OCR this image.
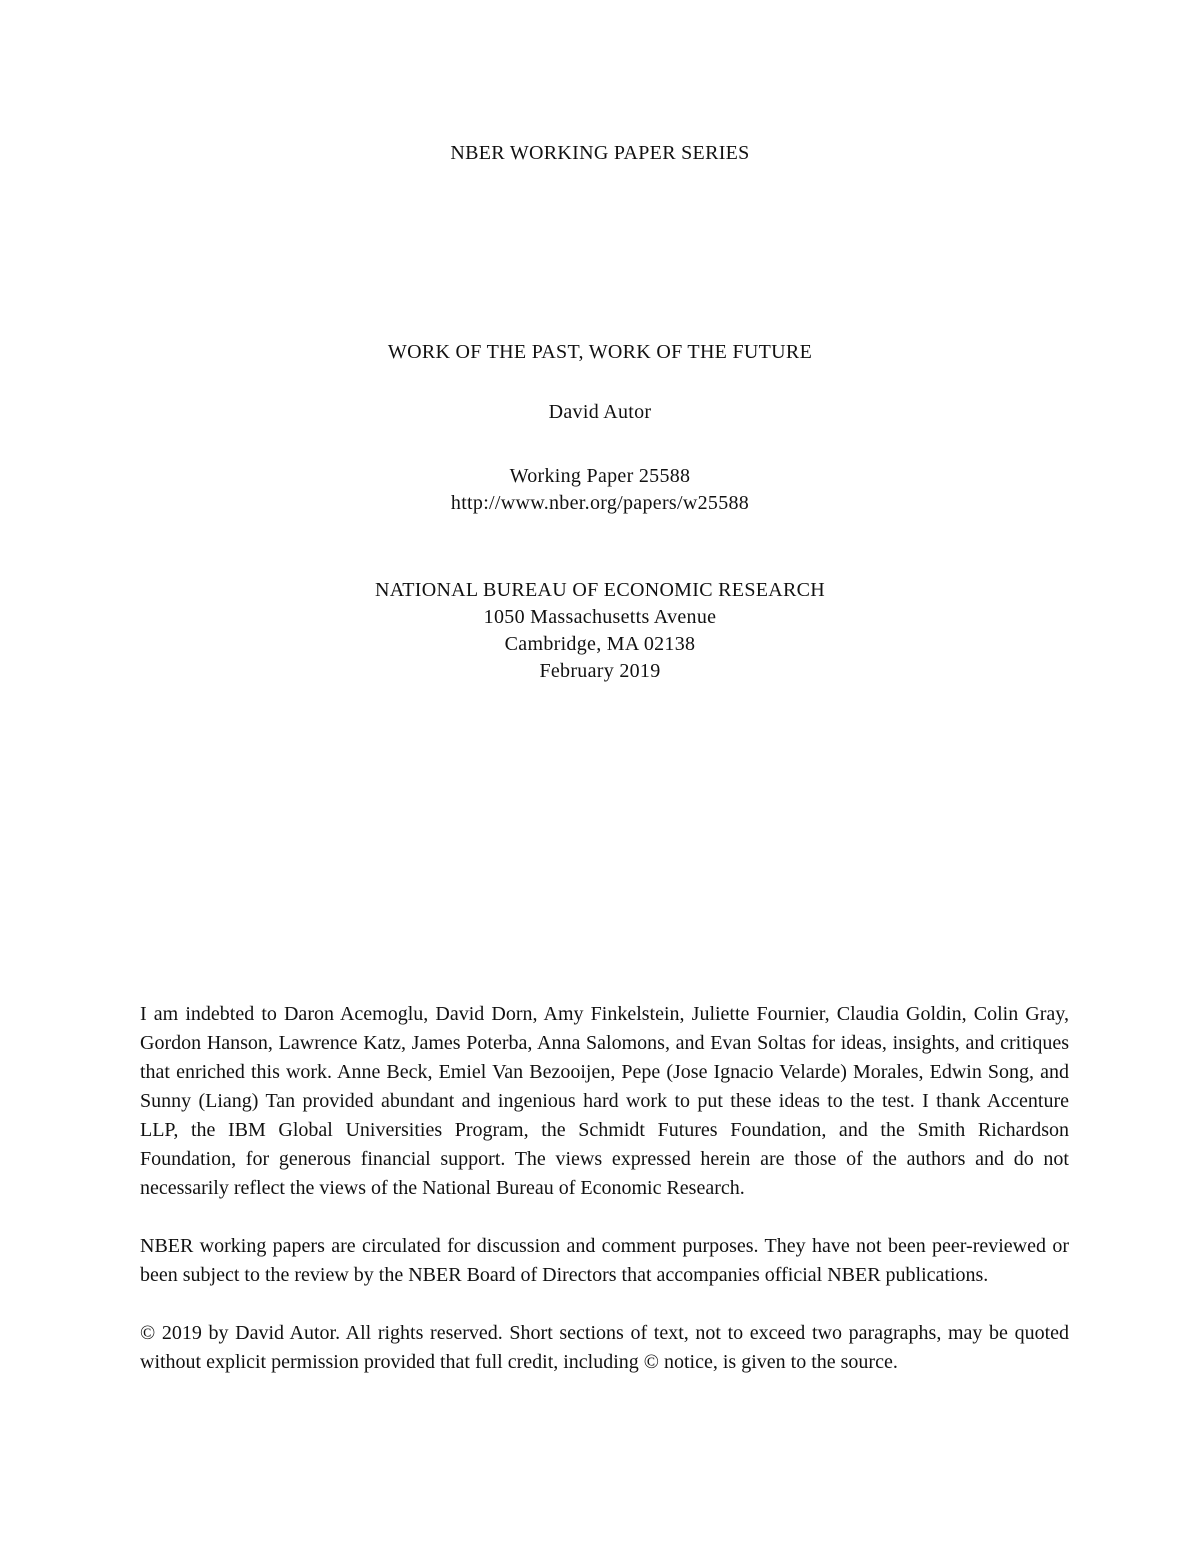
NBER WORKING PAPER SERIES
WORK OF THE PAST, WORK OF THE FUTURE
David Autor
Working Paper 25588
http://www.nber.org/papers/w25588
NATIONAL BUREAU OF ECONOMIC RESEARCH
1050 Massachusetts Avenue
Cambridge, MA 02138
February 2019

I am indebted to Daron Acemoglu, David Dorn, Amy Finkelstein, Juliette Fournier, Claudia Goldin, Colin Gray, Gordon Hanson, Lawrence Katz, James Poterba, Anna Salomons, and Evan Soltas for ideas, insights, and critiques that enriched this work. Anne Beck, Emiel Van Bezooijen, Pepe (Jose Ignacio Velarde) Morales, Edwin Song, and Sunny (Liang) Tan provided abundant and ingenious hard work to put these ideas to the test. I thank Accenture LLP, the IBM Global Universities Program, the Schmidt Futures Foundation, and the Smith Richardson Foundation, for generous financial support. The views expressed herein are those of the authors and do not necessarily reflect the views of the National Bureau of Economic Research.

NBER working papers are circulated for discussion and comment purposes. They have not been peer-reviewed or been subject to the review by the NBER Board of Directors that accompanies official NBER publications.

© 2019 by David Autor. All rights reserved. Short sections of text, not to exceed two paragraphs, may be quoted without explicit permission provided that full credit, including © notice, is given to the source.
